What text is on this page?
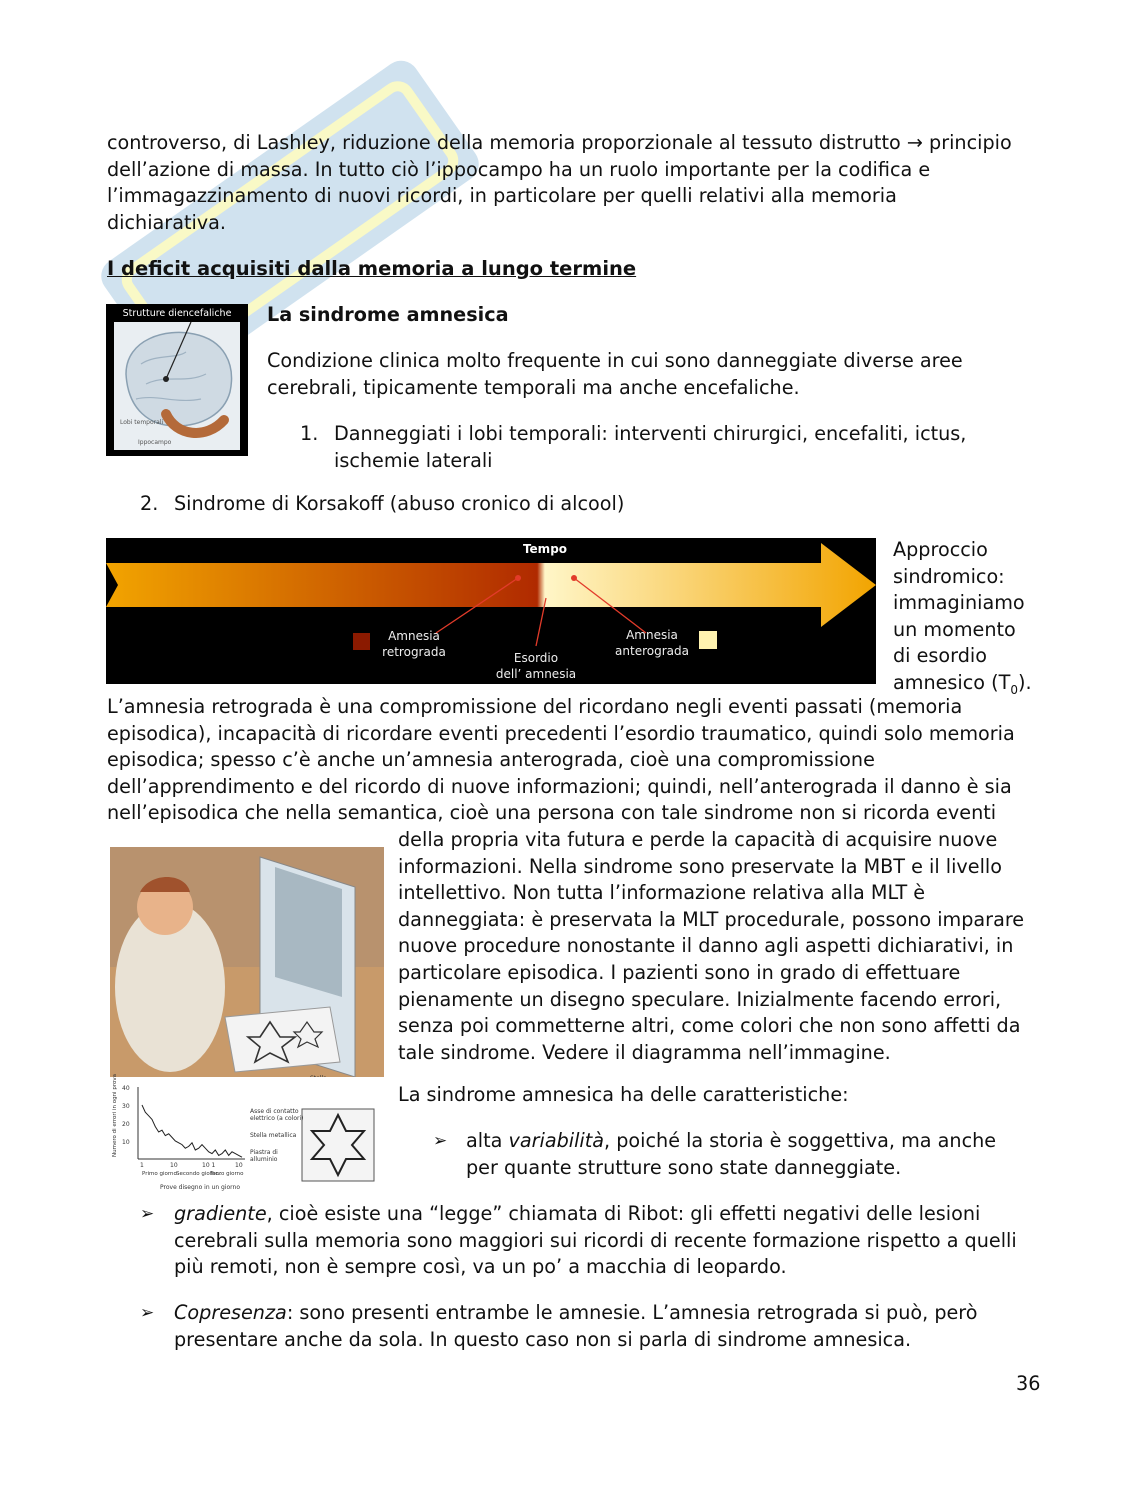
controverso, di Lashley, riduzione della memoria proporzionale al tessuto distrutto → principio
dell’azione di massa. In tutto ciò l’ippocampo ha un ruolo importante per la codifica e
l’immagazzinamento di nuovi ricordi, in particolare per quelli relativi alla memoria
dichiarativa.
I deficit acquisiti dalla memoria a lungo termine
Strutture diencefaliche
Lobi temporali
Ippocampo
La sindrome amnesica
Condizione clinica molto frequente in cui sono danneggiate diverse aree
cerebrali, tipicamente temporali ma anche encefaliche.
1. Danneggiati i lobi temporali: interventi chirurgici, encefaliti, ictus,
ischemie laterali
2. Sindrome di Korsakoff (abuso cronico di alcool)
Tempo
Amnesia
retrograda	Esordio
dell’ amnesia
Amnesia
anterograda
Approccio
sindromico:
immaginiamo
un momento
di esordio
amnesico $(T_0)$.
L’amnesia retrograda è una compromissione del ricordano negli eventi passati (memoria
episodica), incapacità di ricordare eventi precedenti l’esordio traumatico, quindi solo memoria
episodica; spesso c’è anche un’amnesia anterograda, cioè una compromissione
dell’apprendimento e del ricordo di nuove informazioni; quindi, nell’anterograda il danno è sia
nell’episodica che nella semantica, cioè una persona con tale sindrome non si ricorda eventi
della propria vita futura e perde la capacità di acquisire nuove
informazioni. Nella sindrome sono preservate la MBT e il livello
intellettivo. Non tutta l’informazione relativa alla MLT è
danneggiata: è preservata la MLT procedurale, possono imparare
nuove procedure nonostante il danno agli aspetti dichiarativi, in
particolare episodica. I pazienti sono in grado di effettuare
pienamente un disegno speculare. Inizialmente facendo errori,
senza poi commetterne altri, come colori che non sono affetti da
tale sindrome. Vedere il diagramma nell’immagine.
Asse di contatto
elettrico (a colori)
Stella metallica
Piastra di
alluminio
40
30
20
10
1	10	10 1	10
Primo giorno Secondo giorno
Terzo giorno
Prove disegno in un giorno
Numero di errori in ogni prova	La sindrome amnesica ha delle caratteristiche:
➢ alta variabilità, poiché la storia è soggettiva, ma anche
per quante strutture sono state danneggiate.
➢ gradiente, cioè esiste una “legge” chiamata di Ribot: gli effetti negativi delle lesioni
cerebrali sulla memoria sono maggiori sui ricordi di recente formazione rispetto a quelli
più remoti, non è sempre così, va un po’ a macchia di leopardo.
➢ Copresenza: sono presenti entrambe le amnesie. L’amnesia retrograda si può, però
presentare anche da sola. In questo caso non si parla di sindrome amnesica.
36
